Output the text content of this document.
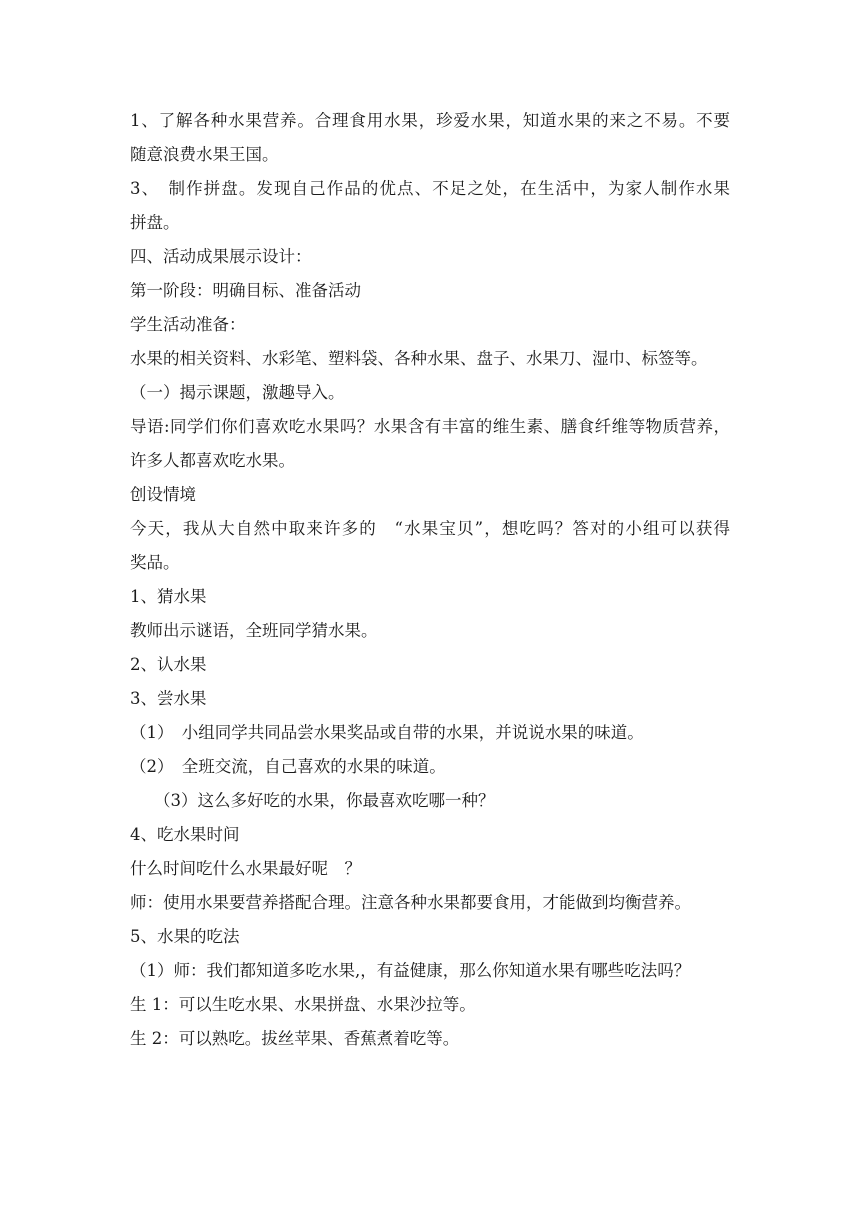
1、了解各种水果营养。合理食用水果，珍爱水果，知道水果的来之不易。不要
随意浪费水果王国。
3、　制作拼盘。发现自己作品的优点、不足之处，在生活中，为家人制作水果
拼盘。
四、活动成果展示设计：
第一阶段：明确目标、准备活动
学生活动准备：
水果的相关资料、水彩笔、塑料袋、各种水果、盘子、水果刀、湿巾、标签等。
（一）揭示课题，激趣导入。
导语:同学们你们喜欢吃水果吗？水果含有丰富的维生素、膳食纤维等物质营养，
许多人都喜欢吃水果。
创设情境
今天，我从大自然中取来许多的　“水果宝贝”，想吃吗？答对的小组可以获得
奖品。
1、猜水果
教师出示谜语，全班同学猜水果。
2、认水果
3、尝水果
（1）　小组同学共同品尝水果奖品或自带的水果，并说说水果的味道。
（2）　全班交流，自己喜欢的水果的味道。
（3）这么多好吃的水果，你最喜欢吃哪一种？
4、吃水果时间
什么时间吃什么水果最好呢　？
师：使用水果要营养搭配合理。注意各种水果都要食用，才能做到均衡营养。
5、水果的吃法
（1）师：我们都知道多吃水果,，有益健康，那么你知道水果有哪些吃法吗？
生 1：可以生吃水果、水果拼盘、水果沙拉等。
生 2：可以熟吃。拔丝苹果、香蕉煮着吃等。
